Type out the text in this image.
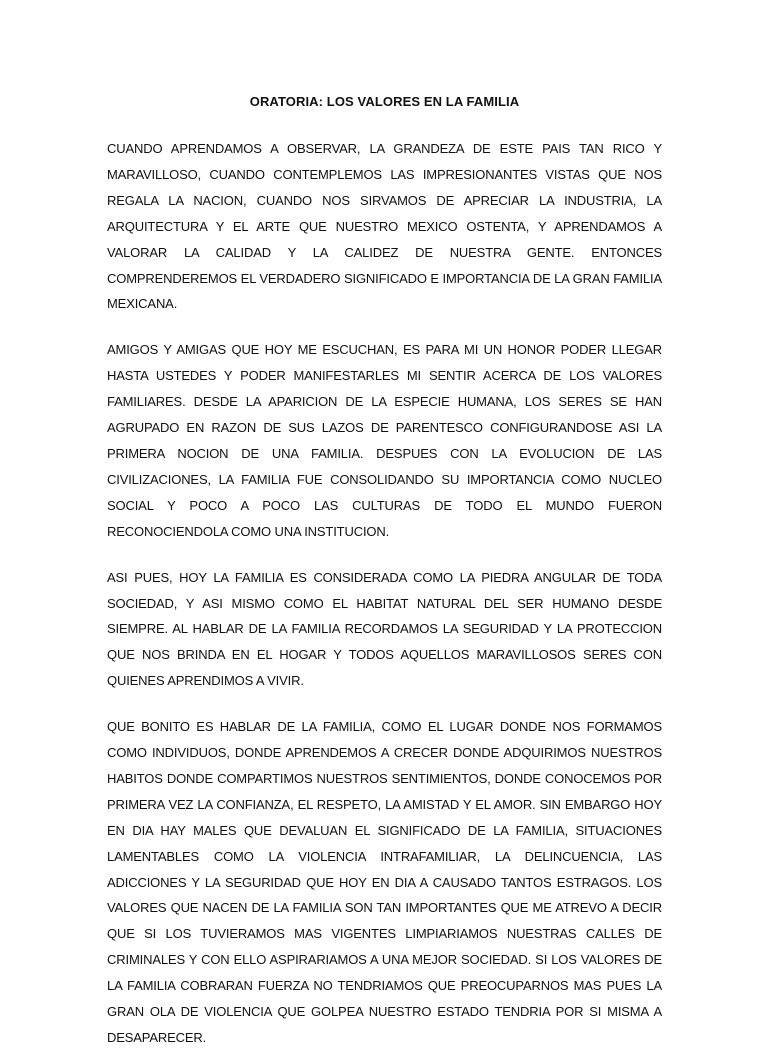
ORATORIA: LOS VALORES EN LA FAMILIA

CUANDO APRENDAMOS A OBSERVAR, LA GRANDEZA DE ESTE PAIS TAN RICO Y MARAVILLOSO, CUANDO CONTEMPLEMOS LAS IMPRESIONANTES VISTAS QUE NOS REGALA LA NACION, CUANDO NOS SIRVAMOS DE APRECIAR LA INDUSTRIA, LA ARQUITECTURA Y EL ARTE QUE NUESTRO MEXICO OSTENTA, Y APRENDAMOS A VALORAR LA CALIDAD Y LA CALIDEZ DE NUESTRA GENTE. ENTONCES COMPRENDEREMOS EL VERDADERO SIGNIFICADO E IMPORTANCIA DE LA GRAN FAMILIA MEXICANA.

AMIGOS Y AMIGAS QUE HOY ME ESCUCHAN, ES PARA MI UN HONOR PODER LLEGAR HASTA USTEDES Y PODER MANIFESTARLES MI SENTIR ACERCA DE LOS VALORES FAMILIARES. DESDE LA APARICION DE LA ESPECIE HUMANA, LOS SERES SE HAN AGRUPADO EN RAZON DE SUS LAZOS DE PARENTESCO CONFIGURANDOSE ASI LA PRIMERA NOCION DE UNA FAMILIA. DESPUES CON LA EVOLUCION DE LAS CIVILIZACIONES, LA FAMILIA FUE CONSOLIDANDO SU IMPORTANCIA COMO NUCLEO SOCIAL Y POCO A POCO LAS CULTURAS DE TODO EL MUNDO FUERON RECONOCIENDOLA COMO UNA INSTITUCION.

ASI PUES, HOY LA FAMILIA ES CONSIDERADA COMO LA PIEDRA ANGULAR DE TODA SOCIEDAD, Y ASI MISMO COMO EL HABITAT NATURAL DEL SER HUMANO DESDE SIEMPRE. AL HABLAR DE LA FAMILIA RECORDAMOS LA SEGURIDAD Y LA PROTECCION QUE NOS BRINDA EN EL HOGAR Y TODOS AQUELLOS MARAVILLOSOS SERES CON QUIENES APRENDIMOS A VIVIR.

QUE BONITO ES HABLAR DE LA FAMILIA, COMO EL LUGAR DONDE NOS FORMAMOS COMO INDIVIDUOS, DONDE APRENDEMOS A CRECER DONDE ADQUIRIMOS NUESTROS HABITOS DONDE COMPARTIMOS NUESTROS SENTIMIENTOS, DONDE CONOCEMOS POR PRIMERA VEZ LA CONFIANZA, EL RESPETO, LA AMISTAD Y EL AMOR. SIN EMBARGO HOY EN DIA HAY MALES QUE DEVALUAN EL SIGNIFICADO DE LA FAMILIA, SITUACIONES LAMENTABLES COMO LA VIOLENCIA INTRAFAMILIAR, LA DELINCUENCIA, LAS ADICCIONES Y LA SEGURIDAD QUE HOY EN DIA A CAUSADO TANTOS ESTRAGOS. LOS VALORES QUE NACEN DE LA FAMILIA SON TAN IMPORTANTES QUE ME ATREVO A DECIR QUE SI LOS TUVIERAMOS MAS VIGENTES LIMPIARIAMOS NUESTRAS CALLES DE CRIMINALES Y CON ELLO ASPIRARIAMOS A UNA MEJOR SOCIEDAD. SI LOS VALORES DE LA FAMILIA COBRARAN FUERZA NO TENDRIAMOS QUE PREOCUPARNOS MAS PUES LA GRAN OLA DE VIOLENCIA QUE GOLPEA NUESTRO ESTADO TENDRIA POR SI MISMA A DESAPARECER.
